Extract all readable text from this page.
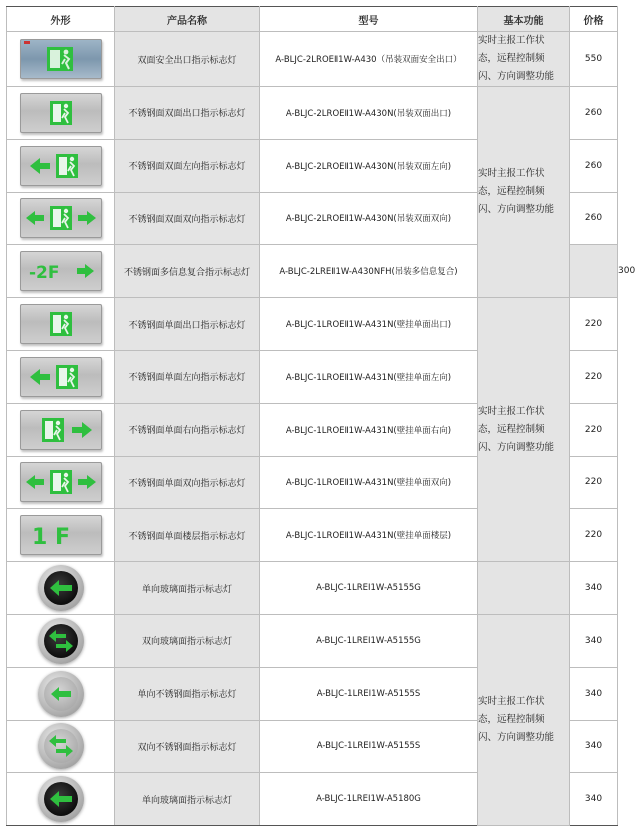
外形	产品名称	型号	基本功能	价格	

	双面安全出口指示标志灯	A-BLJC-2LROEⅡ1W-A430（吊装双面安全出口）	实时主报工作状
态，远程控制频
闪、方向调整功能	550	

	不锈钢面双面出口指示标志灯	A-BLJC-2LROEⅡ1W-A430N(吊装双面出口)	实时主报工作状
态，远程控制频
闪、方向调整功能	260	

	不锈钢面双面左向指示标志灯	A-BLJC-2LROEⅡ1W-A430N(吊装双面左向)		260	

	不锈钢面双面双向指示标志灯	A-BLJC-2LROEⅡ1W-A430N(吊装双面双向)		260	

-2F	不锈钢面多信息复合指示标志灯	A-BLJC-2LREⅡ1W-A430NFH(吊装多信息复合)			300

	不锈钢面单面出口指示标志灯	A-BLJC-1LROEⅡ1W-A431N(壁挂单面出口)	实时主报工作状
态，远程控制频
闪、方向调整功能	220	

	不锈钢面单面左向指示标志灯	A-BLJC-1LROEⅡ1W-A431N(壁挂单面左向)		220	

	不锈钢面单面右向指示标志灯	A-BLJC-1LROEⅡ1W-A431N(壁挂单面右向)		220	

	不锈钢面单面双向指示标志灯	A-BLJC-1LROEⅡ1W-A431N(壁挂单面双向)		220	

1 F	不锈钢面单面楼层指示标志灯	A-BLJC-1LROEⅡ1W-A431N(壁挂单面楼层)		220	

	单向玻璃面指示标志灯	A-BLJC-1LREⅠ1W-A5155G		340	

	双向玻璃面指示标志灯	A-BLJC-1LREⅠ1W-A5155G	实时主报工作状
态，远程控制频
闪、方向调整功能	340	

	单向不锈钢面指示标志灯	A-BLJC-1LREⅠ1W-A5155S		340	

	双向不锈钢面指示标志灯	A-BLJC-1LREⅠ1W-A5155S		340	

	单向玻璃面指示标志灯	A-BLJC-1LREⅠ1W-A5180G		340	
